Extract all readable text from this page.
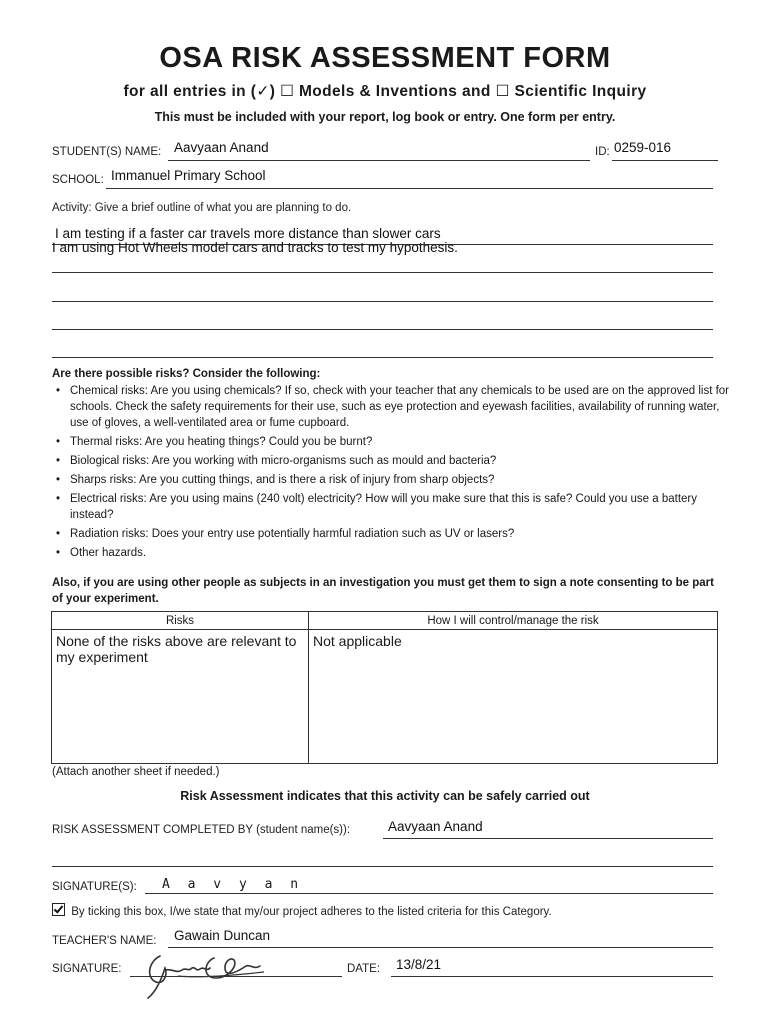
OSA RISK ASSESSMENT FORM
for all entries in (✓) ☐ Models & Inventions and ☐ Scientific Inquiry
This must be included with your report, log book or entry. One form per entry.
STUDENT(S) NAME: Aavyaan Anand	ID: 0259-016
SCHOOL: Immanuel Primary School
Activity: Give a brief outline of what you are planning to do.
I am testing if a faster car travels more distance than slower cars
I am using Hot Wheels model cars and tracks to test my hypothesis.
Are there possible risks? Consider the following:
• Chemical risks: Are you using chemicals? If so, check with your teacher that any chemicals to be used are on the approved list for schools. Check the safety requirements for their use, such as eye protection and eyewash facilities, availability of running water, use of gloves, a well-ventilated area or fume cupboard.
• Thermal risks: Are you heating things? Could you be burnt?
• Biological risks: Are you working with micro-organisms such as mould and bacteria?
• Sharps risks: Are you cutting things, and is there a risk of injury from sharp objects?
• Electrical risks: Are you using mains (240 volt) electricity? How will you make sure that this is safe? Could you use a battery instead?
• Radiation risks: Does your entry use potentially harmful radiation such as UV or lasers?
• Other hazards.
Also, if you are using other people as subjects in an investigation you must get them to sign a note consenting to be part of your experiment.
Risks	How I will control/manage the risk
None of the risks above are relevant to my experiment	Not applicable
(Attach another sheet if needed.)
Risk Assessment indicates that this activity can be safely carried out
RISK ASSESSMENT COMPLETED BY (student name(s)):	Aavyaan Anand
SIGNATURE(S): A a v y a n
By ticking this box, I/we state that my/our project adheres to the listed criteria for this Category.
TEACHER'S NAME: Gawain Duncan
SIGNATURE:	DATE: 13/8/21
